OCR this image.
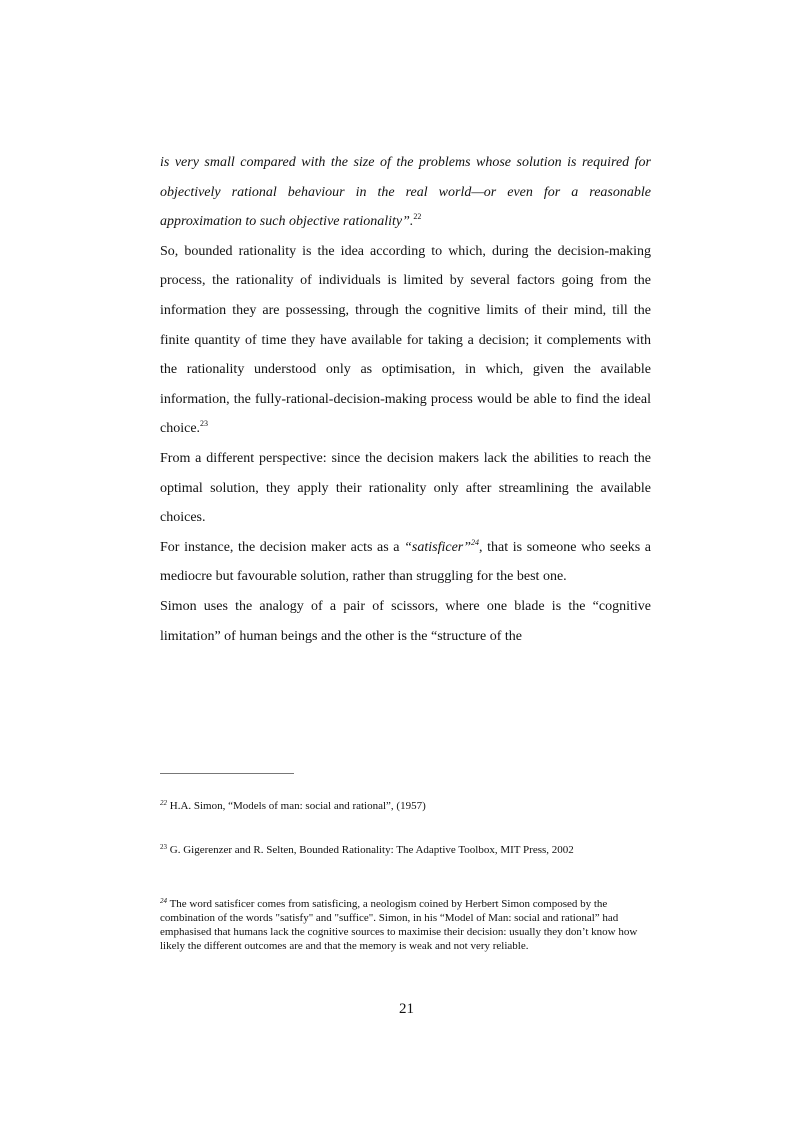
is very small compared with the size of the problems whose solution is required for objectively rational behaviour in the real world—or even for a reasonable approximation to such objective rationality”.$^{22}$

So, bounded rationality is the idea according to which, during the decision-making process, the rationality of individuals is limited by several factors going from the information they are possessing, through the cognitive limits of their mind, till the finite quantity of time they have available for taking a decision; it complements with the rationality understood only as optimisation, in which, given the available information, the fully-rational-decision-making process would be able to find the ideal choice.$^{23}$

From a different perspective: since the decision makers lack the abilities to reach the optimal solution, they apply their rationality only after streamlining the available choices.

For instance, the decision maker acts as a “satisficer”$^{24}$, that is someone who seeks a mediocre but favourable solution, rather than struggling for the best one.

Simon uses the analogy of a pair of scissors, where one blade is the “cognitive limitation” of human beings and the other is the “structure of the

$^{22}$ H.A. Simon, “Models of man: social and rational”, (1957)
$^{23}$ G. Gigerenzer and R. Selten, Bounded Rationality: The Adaptive Toolbox, MIT Press, 2002
$^{24}$ The word satisficer comes from satisficing, a neologism coined by Herbert Simon composed by the combination of the words "satisfy" and "suffice". Simon, in his “Model of Man: social and rational” had emphasised that humans lack the cognitive sources to maximise their decision: usually they don’t know how likely the different outcomes are and that the memory is weak and not very reliable.
21
